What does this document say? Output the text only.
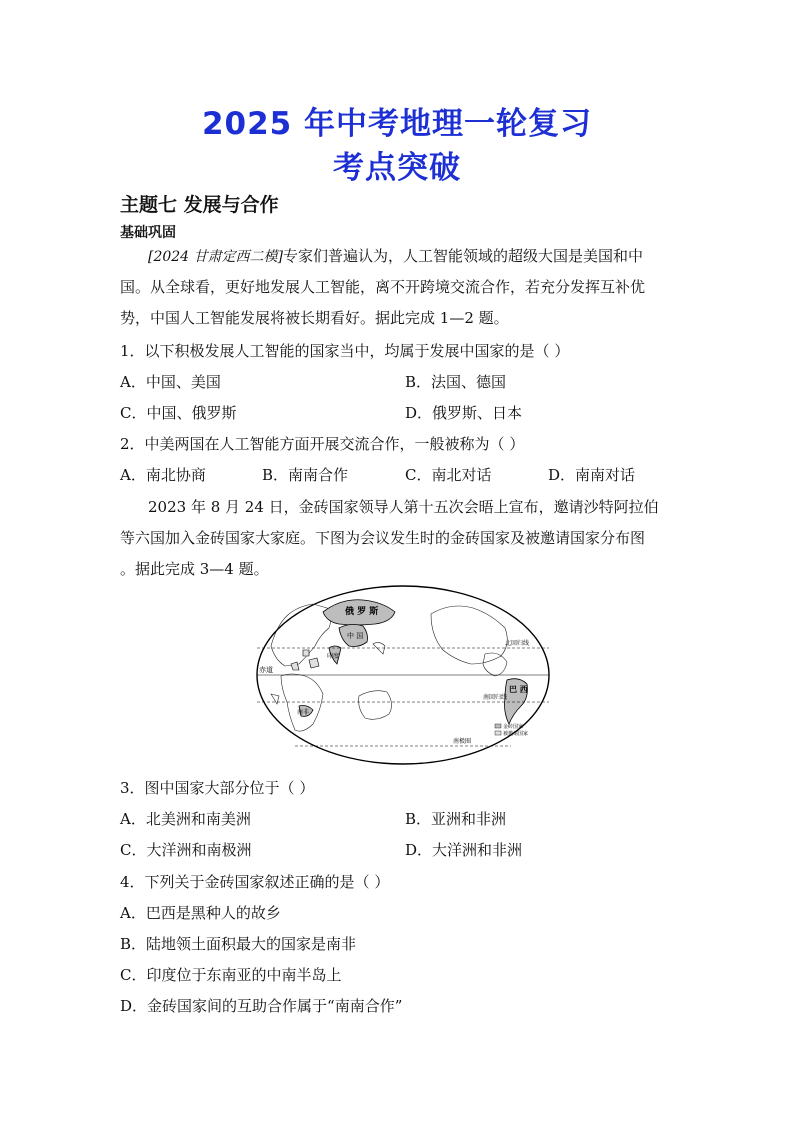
2025 年中考地理一轮复习
考点突破
主题七 发展与合作
基础巩固
[2024 甘肃定西二模]专家们普遍认为，人工智能领域的超级大国是美国和中
国。从全球看，更好地发展人工智能，离不开跨境交流合作，若充分发挥互补优
势，中国人工智能发展将被长期看好。据此完成 1—2 题。
1．以下积极发展人工智能的国家当中，均属于发展中国家的是（ ）
A．中国、美国	B．法国、德国
C．中国、俄罗斯	D．俄罗斯、日本
2．中美两国在人工智能方面开展交流合作，一般被称为（ ）
A．南北协商	B．南南合作	C．南北对话	D．南南对话
2023 年 8 月 24 日，金砖国家领导人第十五次会晤上宣布，邀请沙特阿拉伯
等六国加入金砖国家大家庭。下图为会议发生时的金砖国家及被邀请国家分布图
。据此完成 3—4 题。
俄 罗 斯
中 国
印度
南非
巴 西
赤道
北回归线
南回归线
南极圈
金砖国家
被邀请国家
3．图中国家大部分位于（ ）
A．北美洲和南美洲	B．亚洲和非洲
C．大洋洲和南极洲	D．大洋洲和非洲
4．下列关于金砖国家叙述正确的是（ ）
A．巴西是黑种人的故乡
B．陆地领土面积最大的国家是南非
C．印度位于东南亚的中南半岛上
D．金砖国家间的互助合作属于“南南合作”
